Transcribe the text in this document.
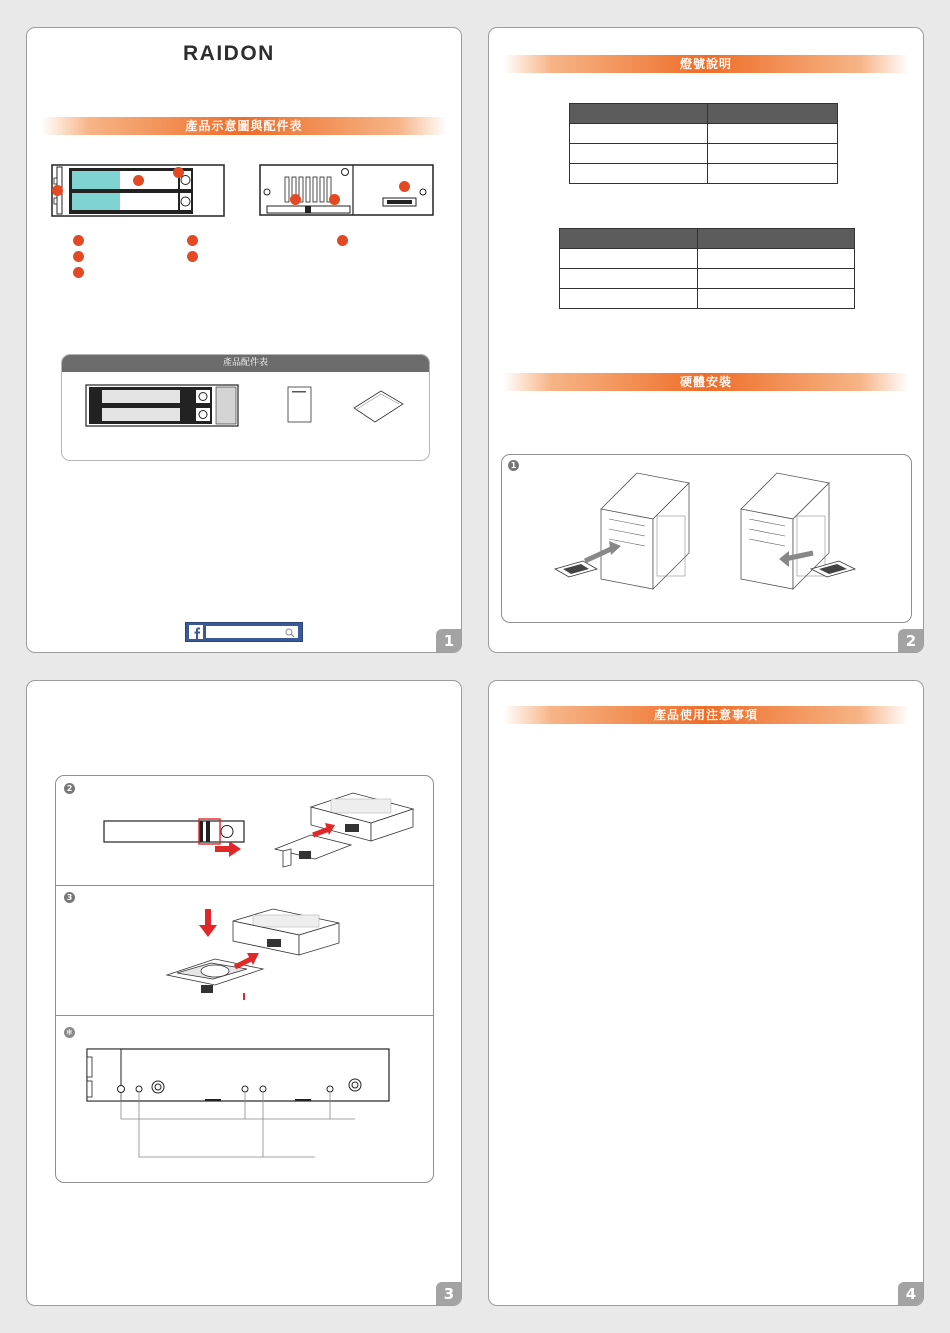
RAIDON
產品示意圖與配件表
產品配件表
1
燈號說明

硬體安裝
1
2
2
3
❄
3
產品使用注意事項
4
